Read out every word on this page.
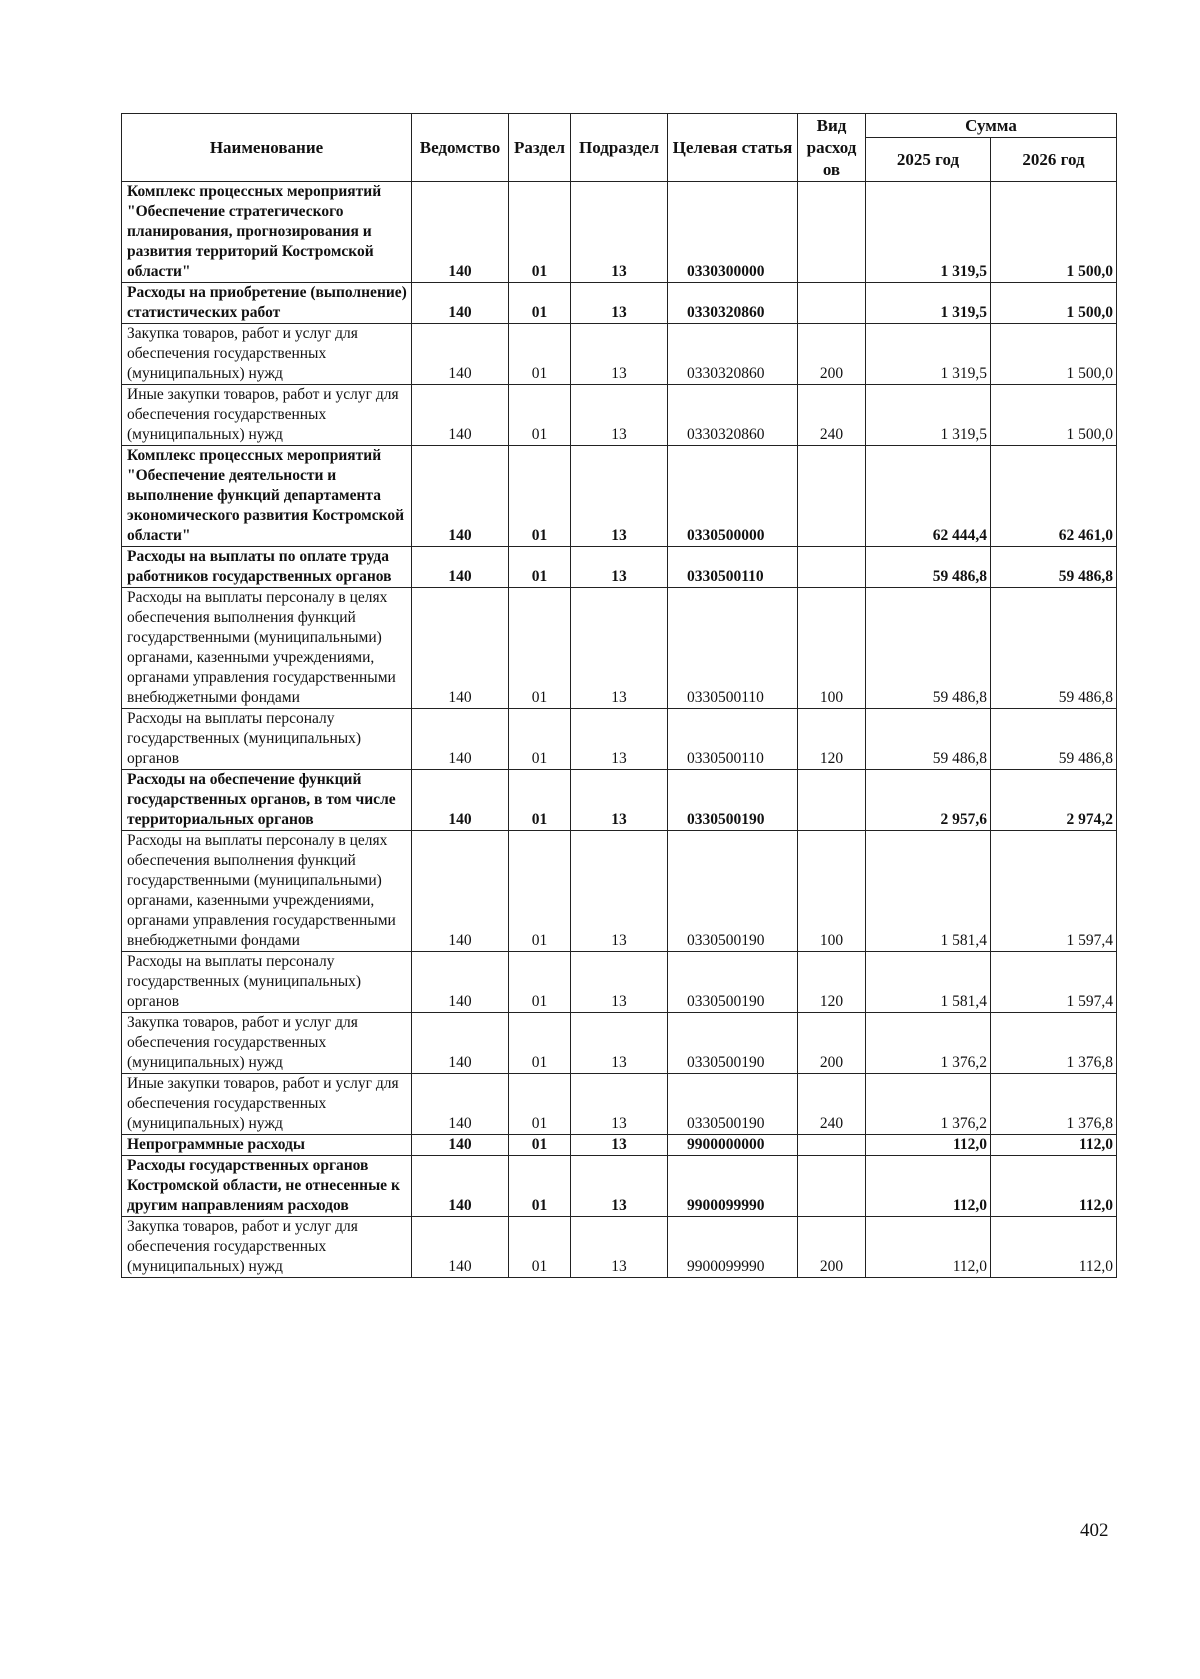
Наименование	Ведомство	Раздел	Подраздел	Целевая статья	Вид расход ов	Сумма	
						2025 год	2026 год
Комплекс процессных мероприятий "Обеспечение стратегического планирования, прогнозирования и развития территорий Костромской области"	140	01	13	0330300000		1 319,5	1 500,0
Расходы на приобретение (выполнение) статистических работ	140	01	13	0330320860		1 319,5	1 500,0
Закупка товаров, работ и услуг для обеспечения государственных (муниципальных) нужд	140	01	13	0330320860	200	1 319,5	1 500,0
Иные закупки товаров, работ и услуг для обеспечения государственных (муниципальных) нужд	140	01	13	0330320860	240	1 319,5	1 500,0
Комплекс процессных мероприятий "Обеспечение деятельности и выполнение функций департамента экономического развития Костромской области"	140	01	13	0330500000		62 444,4	62 461,0
Расходы на выплаты по оплате труда работников государственных органов	140	01	13	0330500110		59 486,8	59 486,8
Расходы на выплаты персоналу в целях обеспечения выполнения функций государственными (муниципальными) органами, казенными учреждениями, органами управления государственными внебюджетными фондами	140	01	13	0330500110	100	59 486,8	59 486,8
Расходы на выплаты персоналу государственных (муниципальных) органов	140	01	13	0330500110	120	59 486,8	59 486,8
Расходы на обеспечение функций государственных органов, в том числе территориальных органов	140	01	13	0330500190		2 957,6	2 974,2
Расходы на выплаты персоналу в целях обеспечения выполнения функций государственными (муниципальными) органами, казенными учреждениями, органами управления государственными внебюджетными фондами	140	01	13	0330500190	100	1 581,4	1 597,4
Расходы на выплаты персоналу государственных (муниципальных) органов	140	01	13	0330500190	120	1 581,4	1 597,4
Закупка товаров, работ и услуг для обеспечения государственных (муниципальных) нужд	140	01	13	0330500190	200	1 376,2	1 376,8
Иные закупки товаров, работ и услуг для обеспечения государственных (муниципальных) нужд	140	01	13	0330500190	240	1 376,2	1 376,8
Непрограммные расходы	140	01	13	9900000000		112,0	112,0
Расходы государственных органов Костромской области, не отнесенные к другим направлениям расходов	140	01	13	9900099990		112,0	112,0
Закупка товаров, работ и услуг для обеспечения государственных (муниципальных) нужд	140	01	13	9900099990	200	112,0	112,0
402
